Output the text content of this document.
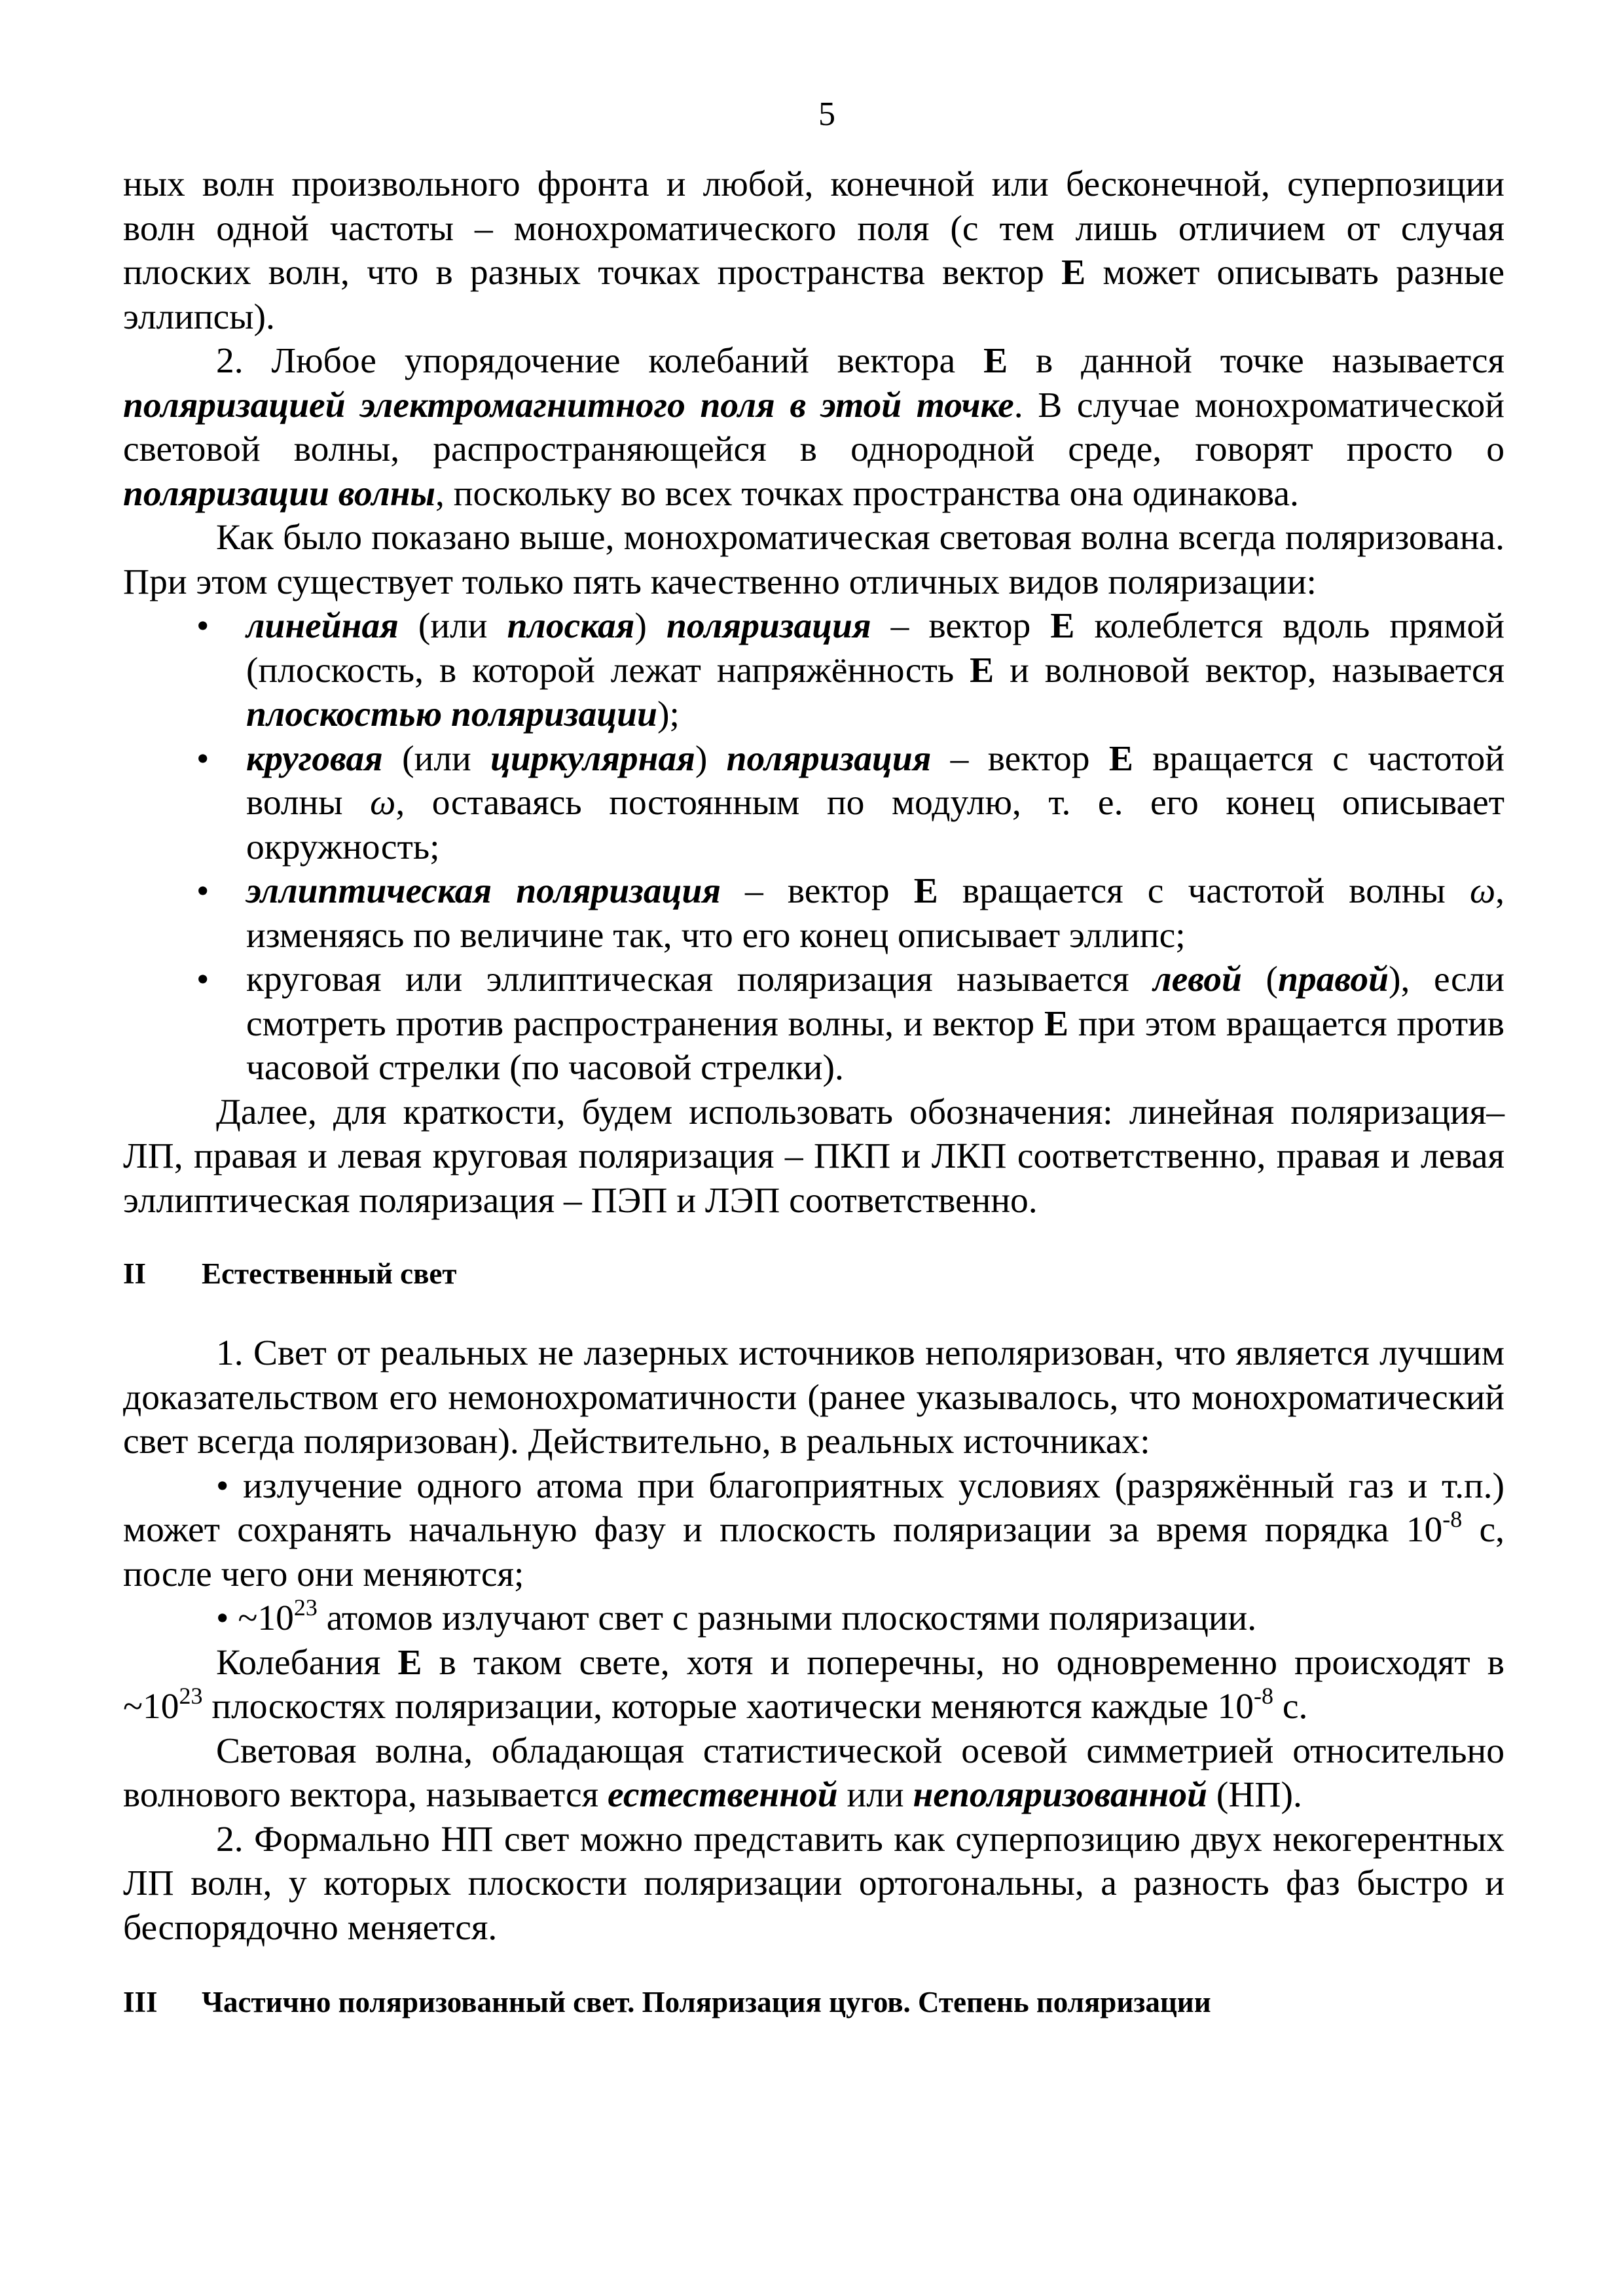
5

ных волн произвольного фронта и любой, конечной или бесконечной, суперпозиции волн одной частоты – монохроматического поля (с тем лишь отличием от случая плоских волн, что в разных точках пространства вектор E может описывать разные эллипсы).

2. Любое упорядочение колебаний вектора E в данной точке называется поляризацией электромагнитного поля в этой точке. В случае монохроматической световой волны, распространяющейся в однородной среде, говорят просто о поляризации волны, поскольку во всех точках пространства она одинакова.

Как было показано выше, монохроматическая световая волна всегда поляризована. При этом существует только пять качественно отличных видов поляризации:

• линейная (или плоская) поляризация – вектор E колеблется вдоль прямой (плоскость, в которой лежат напряжённость E и волновой вектор, называется плоскостью поляризации);
• круговая (или циркулярная) поляризация – вектор E вращается с частотой волны ω, оставаясь постоянным по модулю, т. е. его конец описывает окружность;
• эллиптическая поляризация – вектор E вращается с частотой волны ω, изменяясь по величине так, что его конец описывает эллипс;
• круговая или эллиптическая поляризация называется левой (правой), если смотреть против распространения волны, и вектор E при этом вращается против часовой стрелки (по часовой стрелки).

Далее, для краткости, будем использовать обозначения: линейная поляризация– ЛП, правая и левая круговая поляризация – ПКП и ЛКП соответственно, правая и левая эллиптическая поляризация – ПЭП и ЛЭП соответственно.

II	Естественный свет

1. Свет от реальных не лазерных источников неполяризован, что является лучшим доказательством его немонохроматичности (ранее указывалось, что монохроматический свет всегда поляризован). Действительно, в реальных источниках:

• излучение одного атома при благоприятных условиях (разряжённый газ и т.п.) может сохранять начальную фазу и плоскость поляризации за время порядка $10^{-8}$ с, после чего они меняются;

• $\sim 10^{23}$ атомов излучают свет с разными плоскостями поляризации.

Колебания E в таком свете, хотя и поперечны, но одновременно происходят в $\sim 10^{23}$ плоскостях поляризации, которые хаотически меняются каждые $10^{-8}$ с.

Световая волна, обладающая статистической осевой симметрией относительно волнового вектора, называется естественной или неполяризованной (НП).

2. Формально НП свет можно представить как суперпозицию двух некогерентных ЛП волн, у которых плоскости поляризации ортогональны, а разность фаз быстро и беспорядочно меняется.

III	Частично поляризованный свет. Поляризация цугов. Степень поляризации
